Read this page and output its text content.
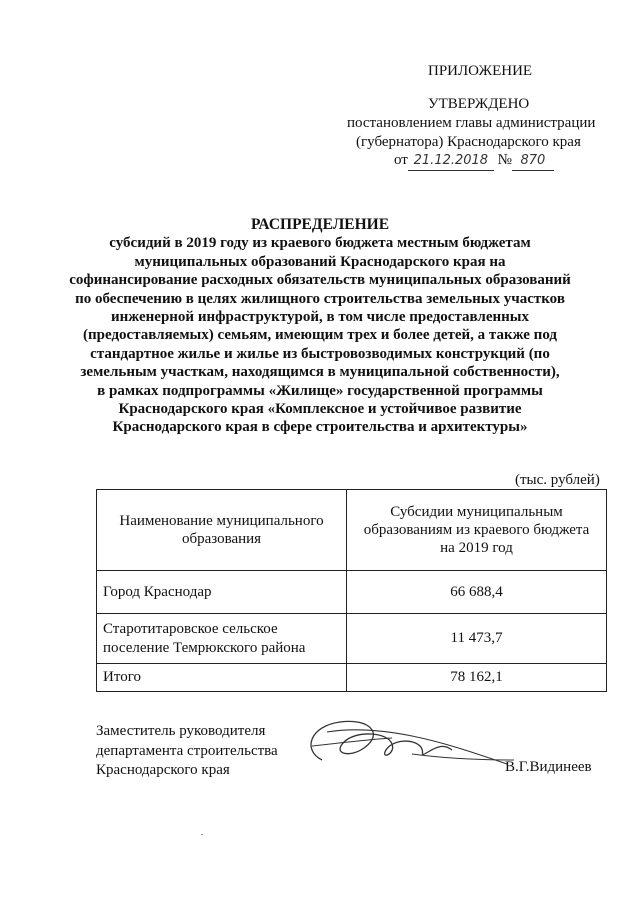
ПРИЛОЖЕНИЕ
УТВЕРЖДЕНО
постановлением главы администрации
(губернатора) Краснодарского края
от 21.12.2018 № 870
РАСПРЕДЕЛЕНИЕ
субсидий в 2019 году из краевого бюджета местным бюджетам
муниципальных образований Краснодарского края на
софинансирование расходных обязательств муниципальных образований
по обеспечению в целях жилищного строительства земельных участков
инженерной инфраструктурой, в том числе предоставленных
(предоставляемых) семьям, имеющим трех и более детей, а также под
стандартное жилье и жилье из быстровозводимых конструкций (по
земельным участкам, находящимся в муниципальной собственности),
в рамках подпрограммы «Жилище» государственной программы
Краснодарского края «Комплексное и устойчивое развитие
Краснодарского края в сфере строительства и архитектуры»
(тыс. рублей)
Наименование муниципального
образования	Субсидии муниципальным
образованиям из краевого бюджета
на 2019 год

Город Краснодар	66 688,4

Старотитаровское сельское
поселение Темрюкского района	11 473,7
Итого	78 162,1
Заместитель руководителя
департамента строительства
Краснодарского края	В.Г.Видинеев
